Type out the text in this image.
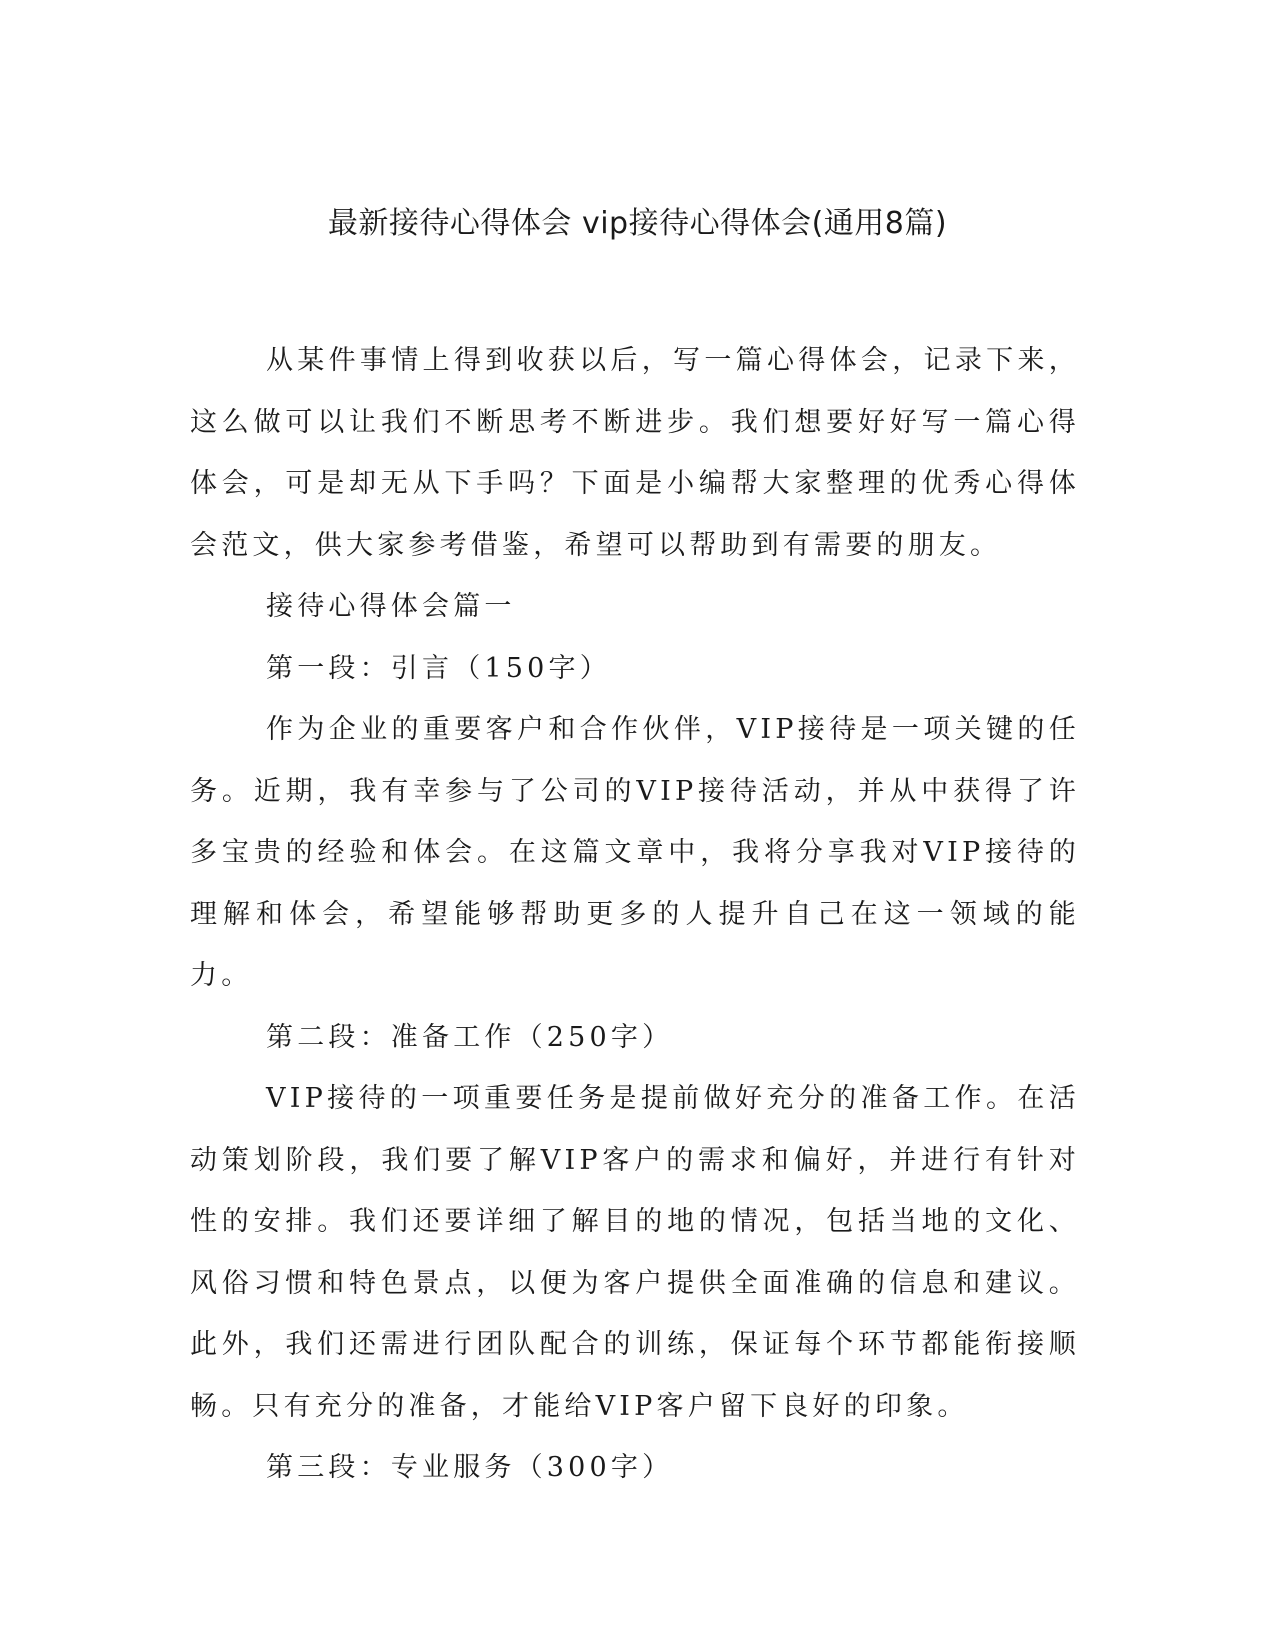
最新接待心得体会 vip接待心得体会(通用8篇)

从某件事情上得到收获以后，写一篇心得体会，记录下来，这么做可以让我们不断思考不断进步。我们想要好好写一篇心得体会，可是却无从下手吗？下面是小编帮大家整理的优秀心得体会范文，供大家参考借鉴，希望可以帮助到有需要的朋友。

接待心得体会篇一

第一段：引言（150字）

作为企业的重要客户和合作伙伴，VIP接待是一项关键的任务。近期，我有幸参与了公司的VIP接待活动，并从中获得了许多宝贵的经验和体会。在这篇文章中，我将分享我对VIP接待的理解和体会，希望能够帮助更多的人提升自己在这一领域的能力。

第二段：准备工作（250字）

VIP接待的一项重要任务是提前做好充分的准备工作。在活动策划阶段，我们要了解VIP客户的需求和偏好，并进行有针对性的安排。我们还要详细了解目的地的情况，包括当地的文化、风俗习惯和特色景点，以便为客户提供全面准确的信息和建议。此外，我们还需进行团队配合的训练，保证每个环节都能衔接顺畅。只有充分的准备，才能给VIP客户留下良好的印象。

第三段：专业服务（300字）
